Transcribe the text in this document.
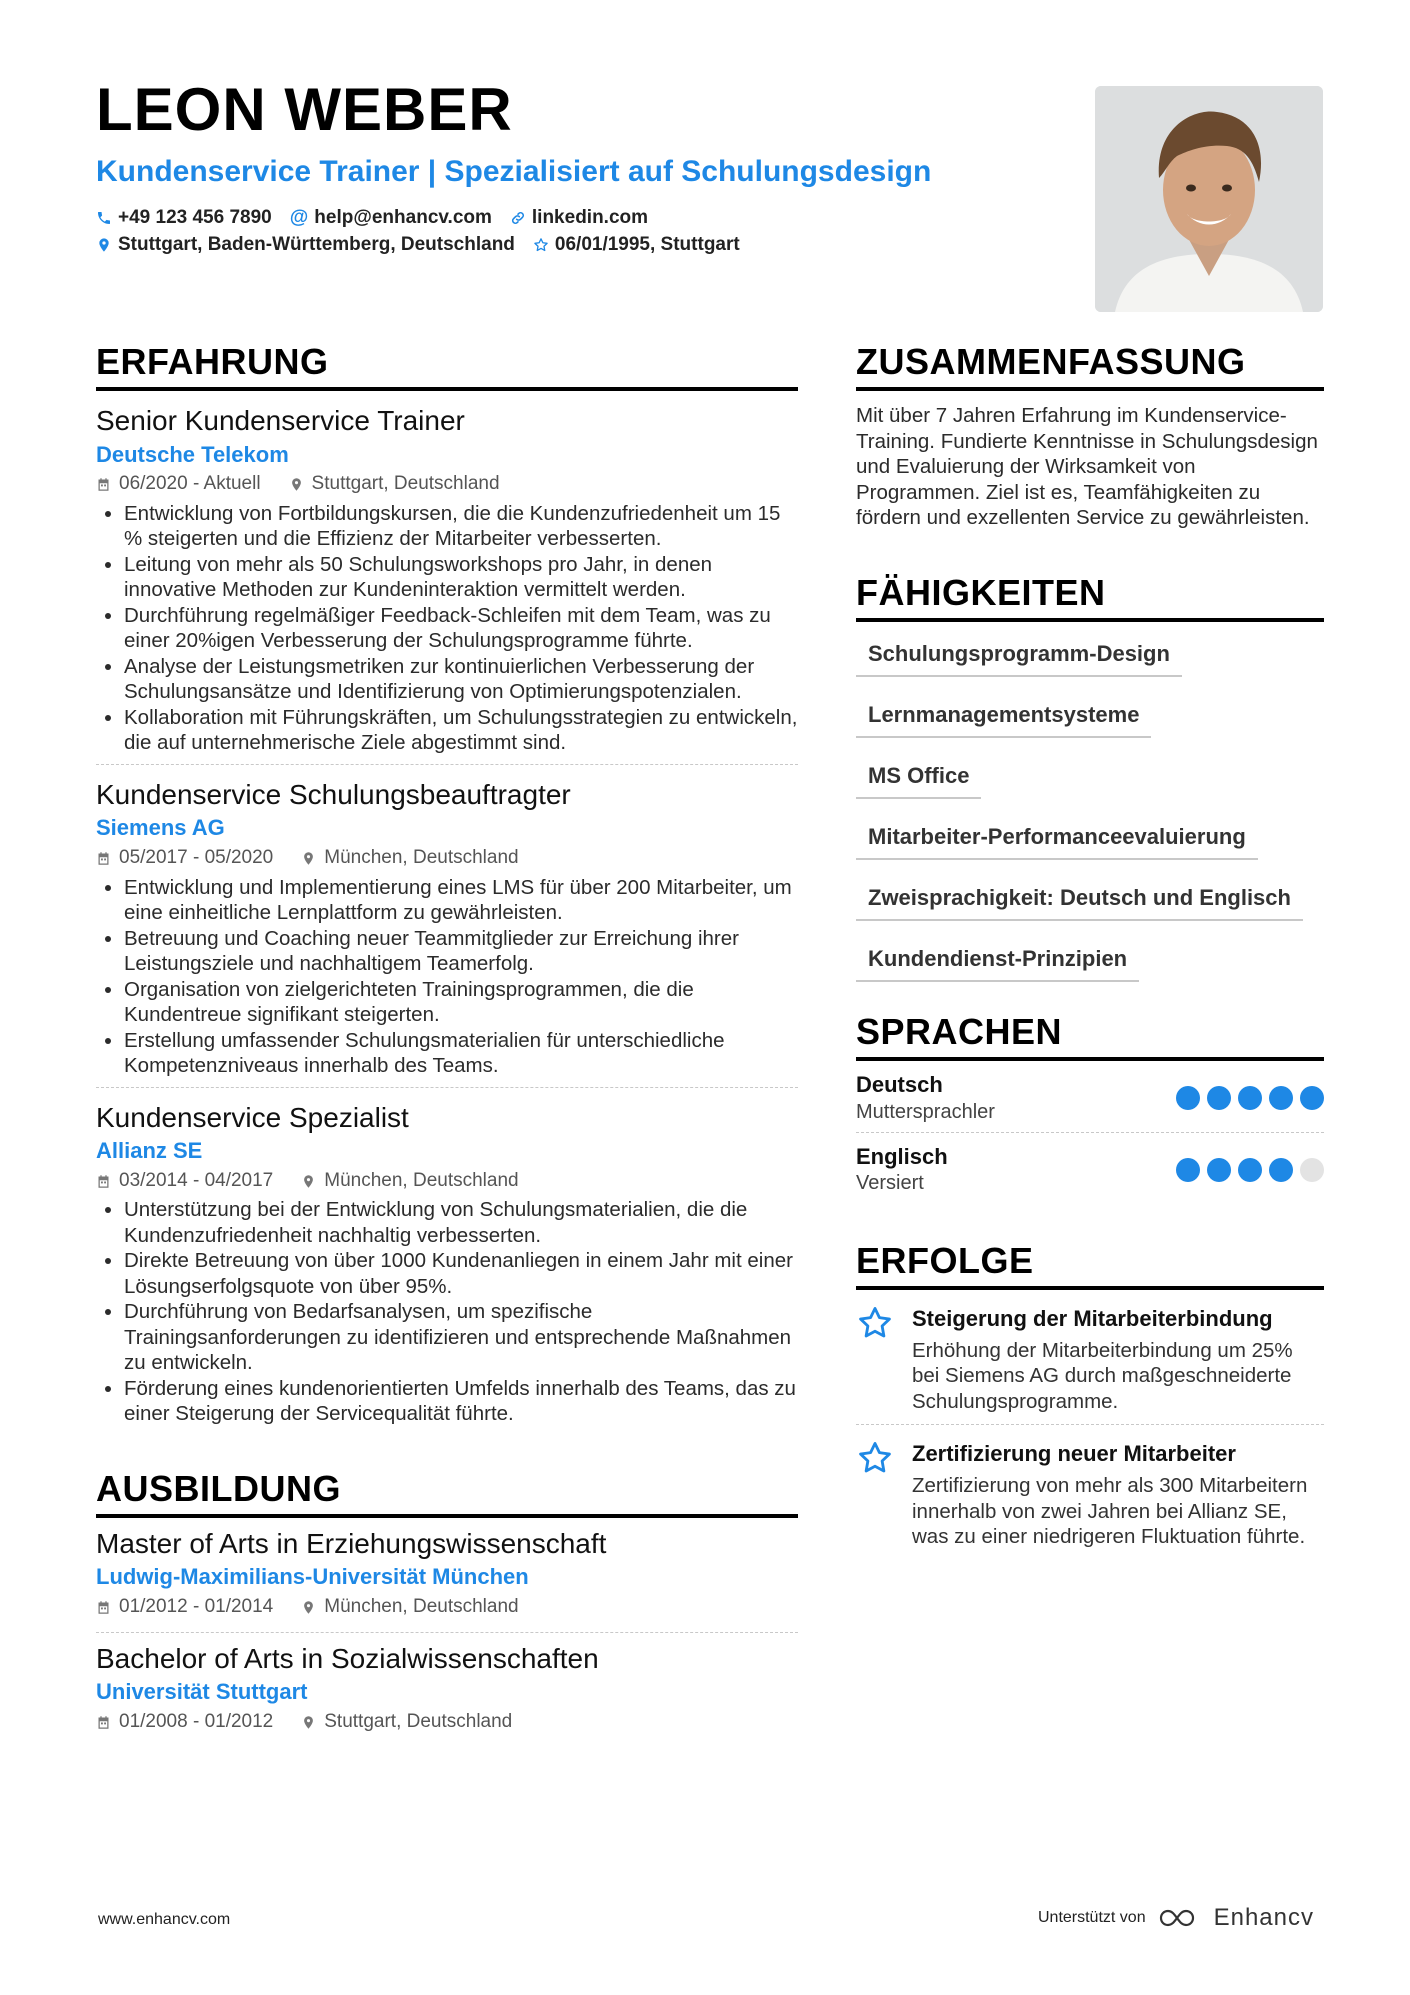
LEON WEBER
Kundenservice Trainer | Spezialisiert auf Schulungsdesign
+49 123 456 7890 @ help@enhancv.com linkedin.com
Stuttgart, Baden-Württemberg, Deutschland 06/01/1995, Stuttgart
ERFAHRUNG
Senior Kundenservice Trainer
Deutsche Telekom
06/2020 - Aktuell	Stuttgart, Deutschland
• Entwicklung von Fortbildungskursen, die die Kundenzufriedenheit um 15 % steigerten und die Effizienz der Mitarbeiter verbesserten.
• Leitung von mehr als 50 Schulungsworkshops pro Jahr, in denen innovative Methoden zur Kundeninteraktion vermittelt werden.
• Durchführung regelmäßiger Feedback-Schleifen mit dem Team, was zu einer 20%igen Verbesserung der Schulungsprogramme führte.
• Analyse der Leistungsmetriken zur kontinuierlichen Verbesserung der Schulungsansätze und Identifizierung von Optimierungspotenzialen.
• Kollaboration mit Führungskräften, um Schulungsstrategien zu entwickeln, die auf unternehmerische Ziele abgestimmt sind.
Kundenservice Schulungsbeauftragter
Siemens AG
05/2017 - 05/2020	München, Deutschland
• Entwicklung und Implementierung eines LMS für über 200 Mitarbeiter, um eine einheitliche Lernplattform zu gewährleisten.
• Betreuung und Coaching neuer Teammitglieder zur Erreichung ihrer Leistungsziele und nachhaltigem Teamerfolg.
• Organisation von zielgerichteten Trainingsprogrammen, die die Kundentreue signifikant steigerten.
• Erstellung umfassender Schulungsmaterialien für unterschiedliche Kompetenzniveaus innerhalb des Teams.
Kundenservice Spezialist
Allianz SE
03/2014 - 04/2017	München, Deutschland
• Unterstützung bei der Entwicklung von Schulungsmaterialien, die die Kundenzufriedenheit nachhaltig verbesserten.
• Direkte Betreuung von über 1000 Kundenanliegen in einem Jahr mit einer Lösungserfolgsquote von über 95%.
• Durchführung von Bedarfsanalysen, um spezifische Trainingsanforderungen zu identifizieren und entsprechende Maßnahmen zu entwickeln.
• Förderung eines kundenorientierten Umfelds innerhalb des Teams, das zu einer Steigerung der Servicequalität führte.
AUSBILDUNG
Master of Arts in Erziehungswissenschaft
Ludwig-Maximilians-Universität München
01/2012 - 01/2014	München, Deutschland
Bachelor of Arts in Sozialwissenschaften
Universität Stuttgart
01/2008 - 01/2012	Stuttgart, Deutschland
ZUSAMMENFASSUNG
Mit über 7 Jahren Erfahrung im Kundenservice-Training. Fundierte Kenntnisse in Schulungsdesign und Evaluierung der Wirksamkeit von Programmen. Ziel ist es, Teamfähigkeiten zu fördern und exzellenten Service zu gewährleisten.
FÄHIGKEITEN
Schulungsprogramm-Design
Lernmanagementsysteme
MS Office
Mitarbeiter-Performanceevaluierung
Zweisprachigkeit: Deutsch und Englisch
Kundendienst-Prinzipien
SPRACHEN
Deutsch
Muttersprachler
Englisch
Versiert
ERFOLGE
Steigerung der Mitarbeiterbindung
Erhöhung der Mitarbeiterbindung um 25% bei Siemens AG durch maßgeschneiderte Schulungsprogramme.
Zertifizierung neuer Mitarbeiter
Zertifizierung von mehr als 300 Mitarbeitern innerhalb von zwei Jahren bei Allianz SE, was zu einer niedrigeren Fluktuation führte.
www.enhancv.com	Unterstützt von	Enhancv
